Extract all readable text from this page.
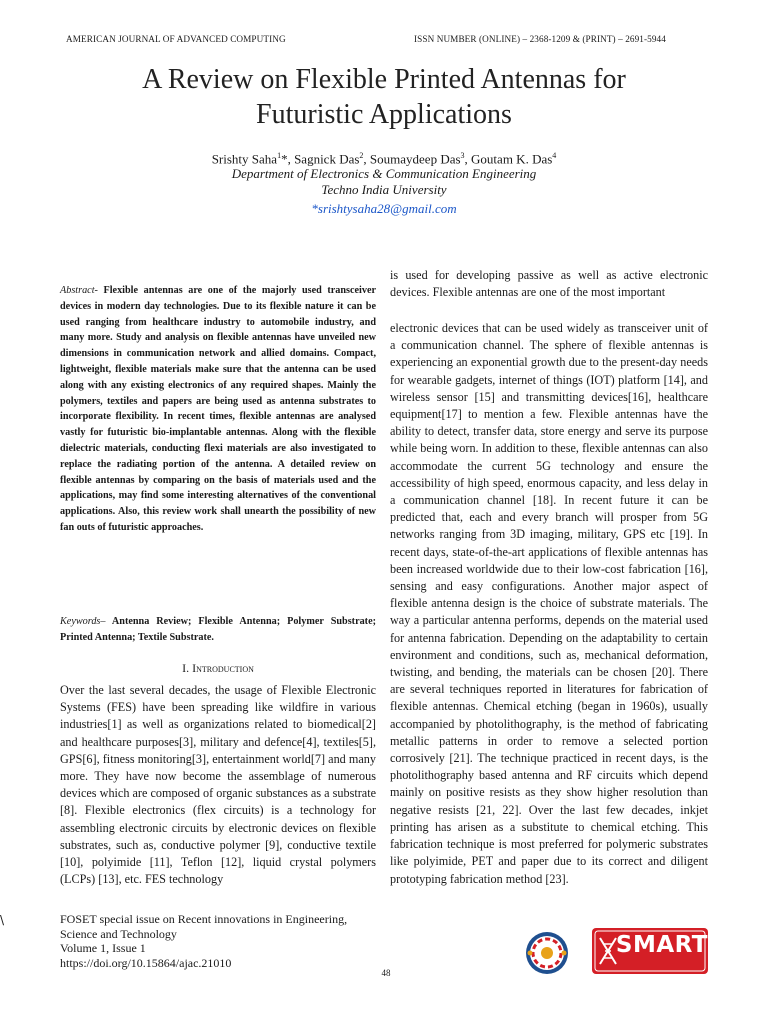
AMERICAN JOURNAL OF ADVANCED COMPUTING	ISSN NUMBER (ONLINE) – 2368-1209 & (PRINT) – 2691-5944
A Review on Flexible Printed Antennas for
Futuristic Applications
Srishty Saha$^1$*, Sagnick Das$^2$, Soumaydeep Das$^3$, Goutam K. Das$^4$
Department of Electronics & Communication Engineering
Techno India University
*srishtysaha28@gmail.com
Abstract- Flexible antennas are one of the majorly used transceiver devices in modern day technologies. Due to its flexible nature it can be used ranging from healthcare industry to automobile industry, and many more. Study and analysis on flexible antennas have unveiled new dimensions in communication network and allied domains. Compact, lightweight, flexible materials make sure that the antenna can be used along with any existing electronics of any required shapes. Mainly the polymers, textiles and papers are being used as antenna substrates to incorporate flexibility. In recent times, flexible antennas are analysed vastly for futuristic bio-implantable antennas. Along with the flexible dielectric materials, conducting flexi materials are also investigated to replace the radiating portion of the antenna. A detailed review on flexible antennas by comparing on the basis of materials used and the applications, may find some interesting alternatives of the conventional applications. Also, this review work shall unearth the possibility of new fan outs of futuristic approaches.
Keywords– Antenna Review; Flexible Antenna; Polymer Substrate; Printed Antenna; Textile Substrate.
I. Introduction
Over the last several decades, the usage of Flexible Electronic Systems (FES) have been spreading like wildfire in various industries[1] as well as organizations related to biomedical[2] and healthcare purposes[3], military and defence[4], textiles[5], GPS[6], fitness monitoring[3], entertainment world[7] and many more. They have now become the assemblage of numerous devices which are composed of organic substances as a substrate [8]. Flexible electronics (flex circuits) is a technology for assembling electronic circuits by electronic devices on flexible substrates, such as, conductive polymer [9], conductive textile [10], polyimide [11], Teflon [12], liquid crystal polymers (LCPs) [13], etc. FES technology
is used for developing passive as well as active electronic devices. Flexible antennas are one of the most important
electronic devices that can be used widely as transceiver unit of a communication channel. The sphere of flexible antennas is experiencing an exponential growth due to the present-day needs for wearable gadgets, internet of things (IOT) platform [14], and wireless sensor [15] and transmitting devices[16], healthcare equipment[17] to mention a few. Flexible antennas have the ability to detect, transfer data, store energy and serve its purpose while being worn. In addition to these, flexible antennas can also accommodate the current 5G technology and ensure the accessibility of high speed, enormous capacity, and less delay in a communication channel [18]. In recent future it can be predicted that, each and every branch will prosper from 5G networks ranging from 3D imaging, military, GPS etc [19]. In recent days, state-of-the-art applications of flexible antennas has been increased worldwide due to their low-cost fabrication [16], sensing and easy configurations. Another major aspect of flexible antenna design is the choice of substrate materials. The way a particular antenna performs, depends on the material used for antenna fabrication. Depending on the adaptability to certain environment and conditions, such as, mechanical deformation, twisting, and bending, the materials can be chosen [20]. There are several techniques reported in literatures for fabrication of flexible antennas. Chemical etching (began in 1960s), usually accompanied by photolithography, is the method of fabricating metallic patterns in order to remove a selected portion corrosively [21]. The technique practiced in recent days, is the photolithography based antenna and RF circuits which depend mainly on positive resists as they show higher resolution than negative resists [21, 22]. Over the last few decades, inkjet printing has arisen as a substitute to chemical etching. This fabrication technique is most preferred for polymeric substrates like polyimide, PET and paper due to its correct and diligent prototyping fabrication method [23].
\	FOSET special issue on Recent innovations in Engineering,
Science and Technology
Volume 1, Issue 1
https://doi.org/10.15864/ajac.21010
SMART
48
